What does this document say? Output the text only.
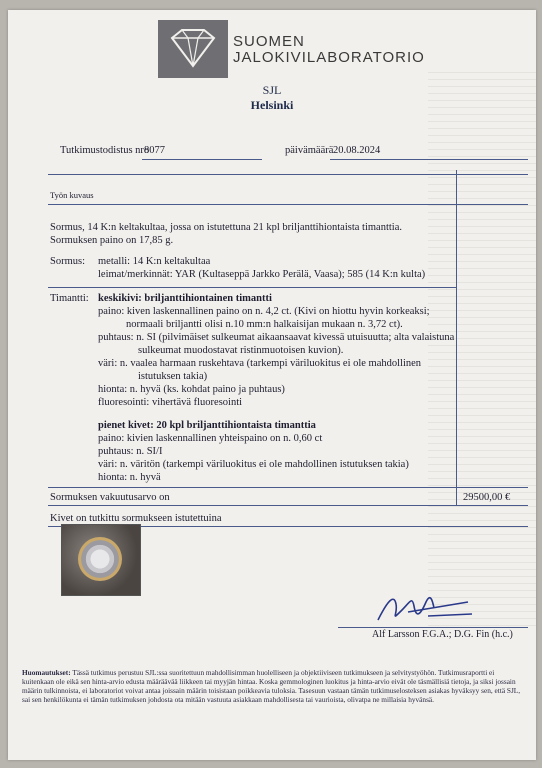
SUOMEN
JALOKIVILABORATORIO
SJL
Helsinki
Tutkimustodistus nro
8077	päivämäärä 20.08.2024
Työn kuvaus
Sormus, 14 K:n keltakultaa, jossa on istutettuna 21 kpl briljanttihiontaista timanttia.
Sormuksen paino on 17,85 g.
Sormus: metalli: 14 K:n keltakultaa
leimat/merkinnät: YAR (Kultaseppä Jarkko Perälä, Vaasa); 585 (14 K:n kulta)
Timantti: keskikivi: briljanttihiontainen timantti
paino: kiven laskennallinen paino on n. 4,2 ct. (Kivi on hiottu hyvin korkeaksi;
normaali briljantti olisi n.10 mm:n halkaisijan mukaan n. 3,72 ct).
puhtaus: n. SI (pilvimäiset sulkeumat aikaansaavat kivessä utuisuutta; alta valaistuna
sulkeumat muodostavat ristinmuotoisen kuvion).
väri: n. vaalea harmaan ruskehtava (tarkempi väriluokitus ei ole mahdollinen
istutuksen takia)
hionta: n. hyvä (ks. kohdat paino ja puhtaus)
fluoresointi: vihertävä fluoresointi
pienet kivet: 20 kpl briljanttihiontaista timanttia
paino: kivien laskennallinen yhteispaino on n. 0,60 ct
puhtaus: n. SI/I
väri: n. väritön (tarkempi väriluokitus ei ole mahdollinen istutuksen takia)
hionta: n. hyvä
Sormuksen vakuutusarvo on	29500,00 €
Kivet on tutkittu sormukseen istutettuina
Alf Larsson F.G.A.; D.G. Fin (h.c.)
Huomautukset: Tässä tutkimus perustuu SJL:ssa suoritettuun mahdollisimman huolelliseen ja objektiiviseen tutkimukseen ja selvitystyöhön. Tutkimusraportti ei kuitenkaan ole eikä sen hinta-arvio edusta määräävää liikkeen tai myyjän hintaa. Koska gemmologinen luokitus ja hinta-arvio eivät ole täsmällisiä tietoja, ja siksi jossain määrin tulkinnoista, ei laboratoriot voivat antaa joissain määrin toisistaan poikkeavia tuloksia. Tasesuun vastaan tämän tutkimuselosteksen asiakas hyväksyy sen, että SJL, sai sen henkilökunta ei tämän tutkimuksen johdosta ota mitään vastuuta asiakkaan mahdollisesta tai vaurioista, olivatpa ne millaisia hyvänsä.
